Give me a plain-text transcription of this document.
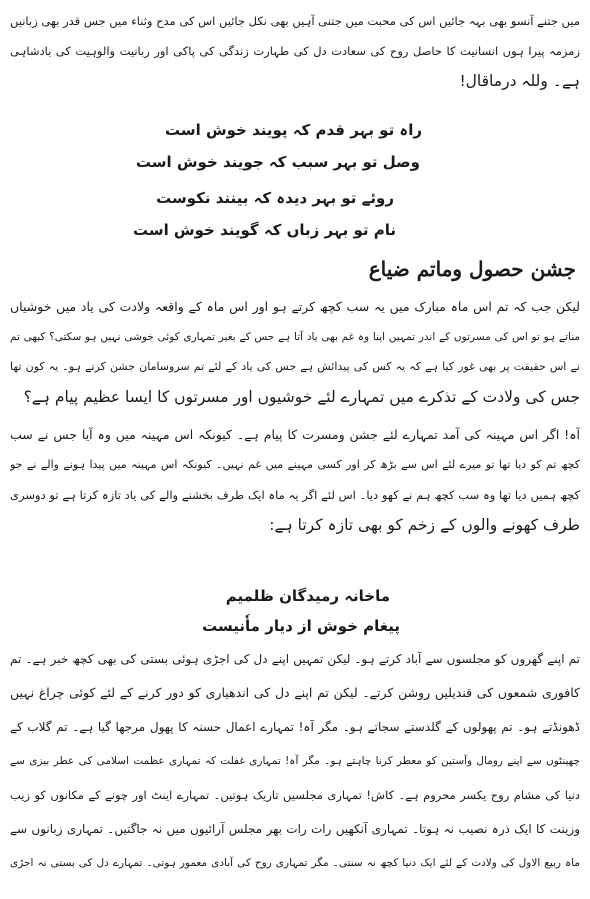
میں جتنے آنسو بھی بہہ جائیں اس کی محبت میں جتنی آہیں بھی نکل جائیں اس کی مدح وثناء میں جس قدر بھی زبانیں
زمزمہ پیرا ہوں انسانیت کا حاصل روح کی سعادت دل کی طہارت زندگی کی پاکی اور ربانیت والوہیت کی بادشاہی
ہے۔ وللہ درماقال!
راہ تو بہر قدم کہ پویند خوش است
وصل تو بہر سبب کہ جویند خوش است
روئے تو بہر دیدہ کہ بینند نکوست
نام تو بہر زباں کہ گویند خوش است
جشن حصول وماتم ضیاع
لیکن جب کہ تم اس ماہ مبارک میں یہ سب کچھ کرتے ہو اور اس ماہ کے واقعہ ولادت کی یاد میں خوشیاں
مناتے ہو تو اس کی مسرتوں کے اندر تمہیں اپنا وہ غم بھی یاد آتا ہے جس کے بغیر تمہاری کوئی خوشی نہیں ہو سکتی؟ کبھی تم
نے اس حقیقت پر بھی غور کیا ہے کہ یہ کس کی پیدائش ہے جس کی یاد کے لئے تم سروسامان جشن کرتے ہو۔ یہ کون تھا
جس کی ولادت کے تذکرے میں تمہارے لئے خوشیوں اور مسرتوں کا ایسا عظیم پیام ہے؟
آہ! اگر اس مہینہ کی آمد تمہارے لئے جشن ومسرت کا پیام ہے۔ کیونکہ اس مہینہ میں وہ آیا جس نے سب
کچھ تم کو دیا تھا تو میرے لئے اس سے بڑھ کر اور کسی مہینے میں غم نہیں۔ کیونکہ اس مہینہ میں پیدا ہونے والے نے جو
کچھ ہمیں دیا تھا وہ سب کچھ ہم نے کھو دیا۔ اس لئے اگر یہ ماہ ایک طرف بخشنے والے کی یاد تازہ کرتا ہے تو دوسری
طرف کھونے والوں کے زخم کو بھی تازہ کرتا ہے:
ماخانہ رمیدگان ظلمیم
پیغام خوش از دیار ماٗنیست
تم اپنے گھروں کو مجلسوں سے آباد کرتے ہو۔ لیکن تمہیں اپنے دل کی اجڑی ہوئی بستی کی بھی کچھ خبر ہے۔ تم
کافوری شمعوں کی قندیلیں روشن کرتے۔ لیکن تم اپنے دل کی اندھیاری کو دور کرنے کے لئے کوئی چراغ نہیں
ڈھونڈتے ہو۔ تم پھولوں کے گلدستے سجاتے ہو۔ مگر آہ! تمہارے اعمال حسنہ کا پھول مرجھا گیا ہے۔ تم گلاب کے
چھینٹوں سے اپنے رومال وآستین کو معطر کرنا چاہتے ہو۔ مگر آہ! تمہاری غفلت کہ تمہاری عظمت اسلامی کی عطر بیزی سے
دنیا کی مشام روح یکسر محروم ہے۔ کاش! تمہاری مجلسیں تاریک ہوتیں۔ تمہارے اینٹ اور چونے کے مکانوں کو زیب
وزینت کا ایک ذرہ نصیب نہ ہوتا۔ تمہاری آنکھیں رات رات بھر مجلس آرائیوں میں نہ جاگتیں۔ تمہاری زبانوں سے
ماہ ربیع الاول کی ولادت کے لئے ایک دنیا کچھ نہ سنتی۔ مگر تمہاری روح کی آبادی معمور ہوتی۔ تمہارے دل کی بستی نہ اجڑی
